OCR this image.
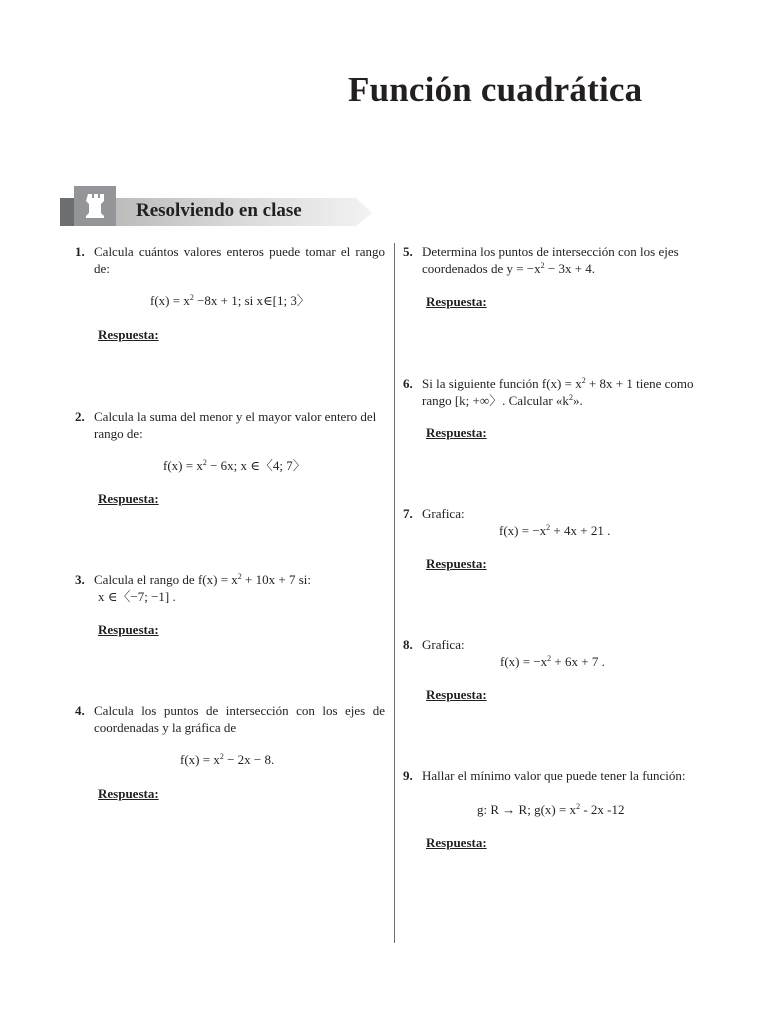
Función cuadrática
Resolviendo en clase
1. Calcula cuántos valores enteros puede tomar el rango de:
$f(x) = x^2 -8x + 1$; si x∈[1; 3〉
Respuesta:
2. Calcula la suma del menor y el mayor valor entero del rango de:
$f(x) = x^2 - 6x$; x ∈〈4; 7〉
Respuesta:
3. Calcula el rango de $f(x) = x^2 + 10x + 7$ si:
x ∈〈−7; −1] .
Respuesta:
4. Calcula los puntos de intersección con los ejes de coordenadas y la gráfica de
$f(x) = x^2 - 2x - 8$.
Respuesta:
5. Determina los puntos de intersección con los ejes coordenados de $y = -x^2 - 3x + 4$.
Respuesta:
6. Si la siguiente función $f(x) = x^2 + 8x + 1$ tiene como rango [k; +∞〉. Calcular «$k^2$».
Respuesta:
7. Grafica:
$f(x) = -x^2 + 4x + 21$ .
Respuesta:
8. Grafica:
$f(x) = -x^2 + 6x + 7$ .
Respuesta:
9. Hallar el mínimo valor que puede tener la función:
g: R → R; $g(x) = x^2 - 2x$ -12
Respuesta:
